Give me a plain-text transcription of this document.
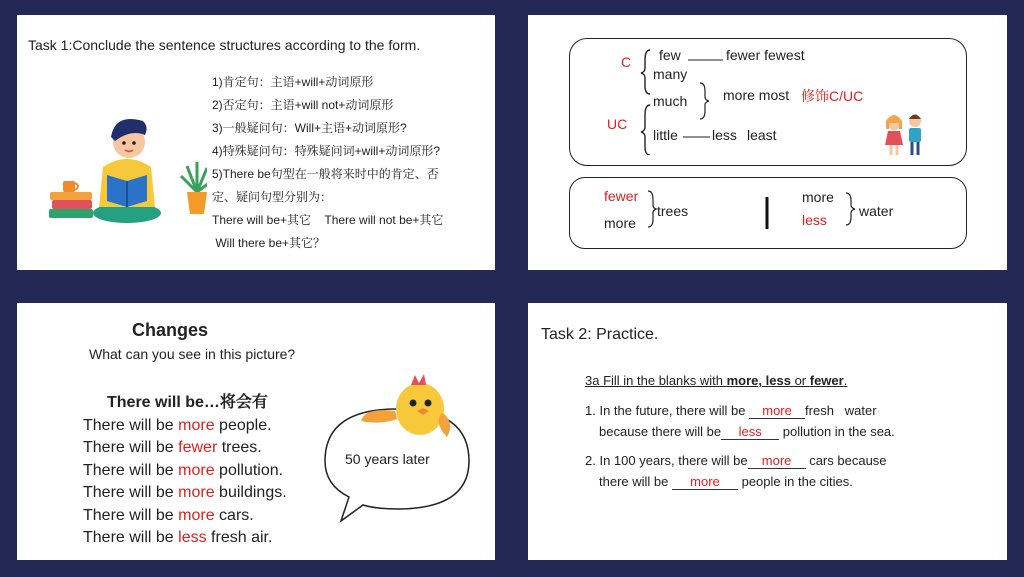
Task 1:Conclude the sentence structures according to the form.
1)肯定句：主语+will+动词原形
2)否定句：主语+will not+动词原形
3)一般疑问句：Will+主语+动词原形?
4)特殊疑问句：特殊疑问词+will+动词原形?
5)There be句型在一般将来时中的肯定、否
定、疑问句型分别为：
There will be+其它    There will not be+其它
Will there be+其它？
C
UC
few	fewer fewest
many
much	more most 修饰C/UC
little less least
fewer
more
trees
more
less
water
Changes
What can you see in this picture?
There will be…将会有
There will be more people.
There will be fewer trees.
There will be more pollution.
There will be more buildings.
There will be more cars.
There will be less fresh air.
50 years later
Task 2: Practice.
3a Fill in the blanks with more, less or fewer.
1. In the future, there will be more fresh   water
because there will be less pollution in the sea.
2. In 100 years, there will be more cars because
there will be more people in the cities.
